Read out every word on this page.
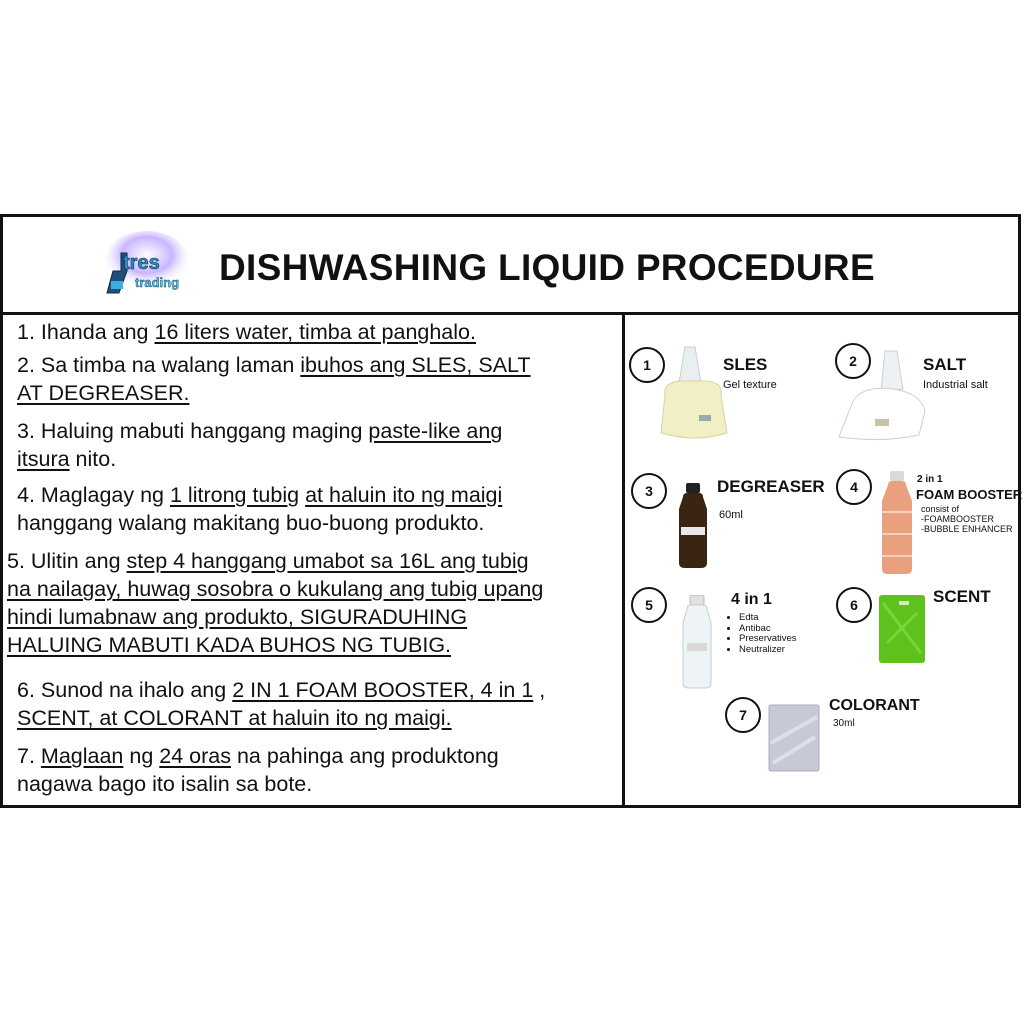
tres
trading DISHWASHING LIQUID PROCEDURE
1. Ihanda ang 16 liters water, timba at panghalo.
2. Sa timba na walang laman ibuhos ang SLES, SALT
AT DEGREASER.
3. Haluing mabuti hanggang maging paste-like ang
itsura nito.
4. Maglagay ng 1 litrong tubig at haluin ito ng maigi
hanggang walang makitang buo-buong produkto.
5. Ulitin ang step 4 hanggang umabot sa 16L ang tubig
na nailagay, huwag sosobra o kukulang ang tubig upang
hindi lumabnaw ang produkto, SIGURADUHING
HALUING MABUTI KADA BUHOS NG TUBIG.
6. Sunod na ihalo ang 2 IN 1 FOAM BOOSTER, 4 in 1 ,
SCENT, at COLORANT at haluin ito ng maigi.
7. Maglaan ng 24 oras na pahinga ang produktong
nagawa bago ito isalin sa bote.
1	SLES
Gel texture
2	SALT
Industrial salt
3	DEGREASER
60ml
4	2 in 1
FOAM BOOSTER
consist of
-FOAMBOOSTER
-BUBBLE ENHANCER
5	4 in 1
• Edta
• Antibac
• Preservatives
• Neutralizer
6	SCENT
7
COLORANT
30ml
